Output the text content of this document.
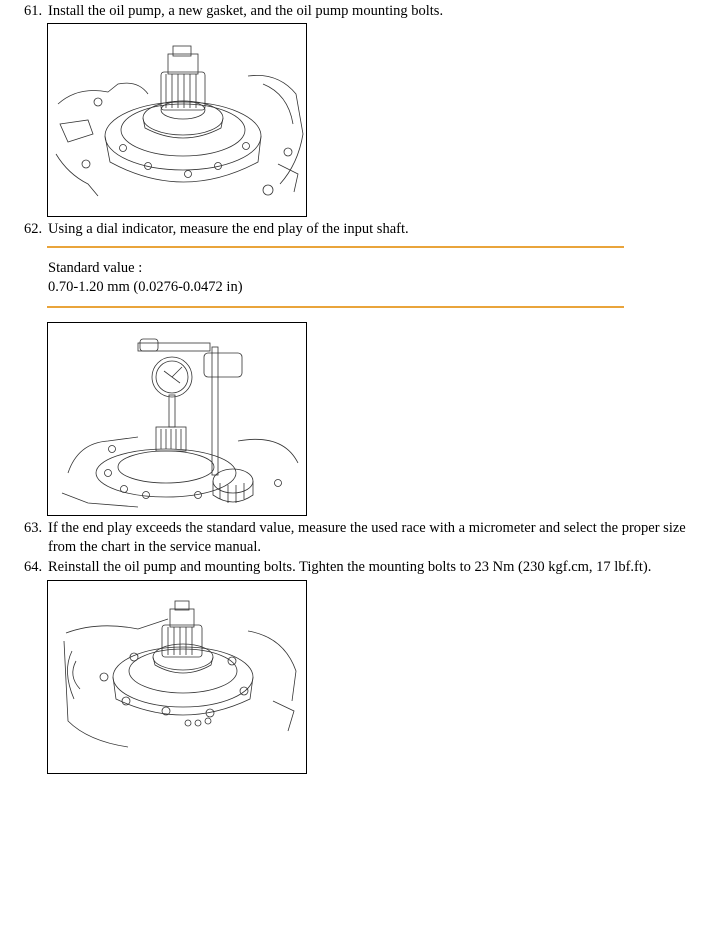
61. Install the oil pump, a new gasket, and the oil pump mounting bolts.
62. Using a dial indicator, measure the end play of the input shaft.
Standard value :
0.70-1.20 mm (0.0276-0.0472 in)
63. If the end play exceeds the standard value, measure the used race with a micrometer and select the proper size from the chart in the service manual.
64. Reinstall the oil pump and mounting bolts. Tighten the mounting bolts to 23 Nm (230 kgf.cm, 17 lbf.ft).
